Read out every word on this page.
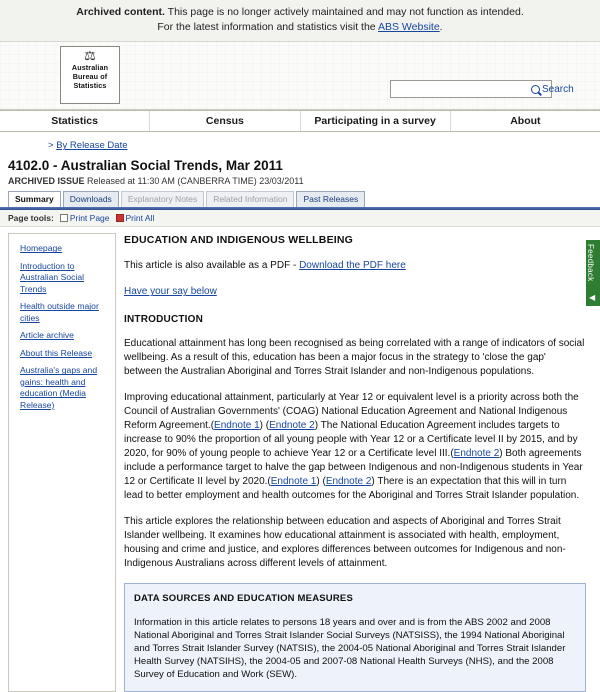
Archived content. This page is no longer actively maintained and may not function as intended.
For the latest information and statistics visit the ABS Website.
⚖
Australian
Bureau of
Statistics	Search
Statistics	Census	Participating in a survey	About
> By Release Date
4102.0 - Australian Social Trends, Mar 2011
ARCHIVED ISSUE Released at 11:30 AM (CANBERRA TIME) 23/03/2011
Summary	Downloads	Explanatory Notes	Related Information	Past Releases
Page tools: Print Page Print All
Homepage
Introduction to Australian Social Trends
Health outside major cities
Article archive
About this Release
Australia's gaps and gains: health and education (Media Release)
EDUCATION AND INDIGENOUS WELLBEING

This article is also available as a PDF - Download the PDF here

Have your say below

INTRODUCTION

Educational attainment has long been recognised as being correlated with a range of indicators of social wellbeing. As a result of this, education has been a major focus in the strategy to 'close the gap' between the Australian Aboriginal and Torres Strait Islander and non-Indigenous populations.

Improving educational attainment, particularly at Year 12 or equivalent level is a priority across both the Council of Australian Governments' (COAG) National Education Agreement and National Indigenous Reform Agreement.(Endnote 1) (Endnote 2) The National Education Agreement includes targets to increase to 90% the proportion of all young people with Year 12 or a Certificate level II by 2015, and by 2020, for 90% of young people to achieve Year 12 or a Certificate level III.(Endnote 2) Both agreements include a performance target to halve the gap between Indigenous and non-Indigenous students in Year 12 or Certificate II level by 2020.(Endnote 1) (Endnote 2) There is an expectation that this will in turn lead to better employment and health outcomes for the Aboriginal and Torres Strait Islander population.

This article explores the relationship between education and aspects of Aboriginal and Torres Strait Islander wellbeing. It examines how educational attainment is associated with health, employment, housing and crime and justice, and explores differences between outcomes for Indigenous and non-Indigenous Australians across different levels of attainment.

DATA SOURCES AND EDUCATION MEASURES

Information in this article relates to persons 18 years and over and is from the ABS 2002 and 2008 National Aboriginal and Torres Strait Islander Social Surveys (NATSISS), the 1994 National Aboriginal and Torres Strait Islander Survey (NATSIS), the 2004-05 National Aboriginal and Torres Strait Islander Health Survey (NATSIHS), the 2004-05 and 2007-08 National Health Surveys (NHS), and the 2008 Survey of Education and Work (SEW).

Feedback
◀
